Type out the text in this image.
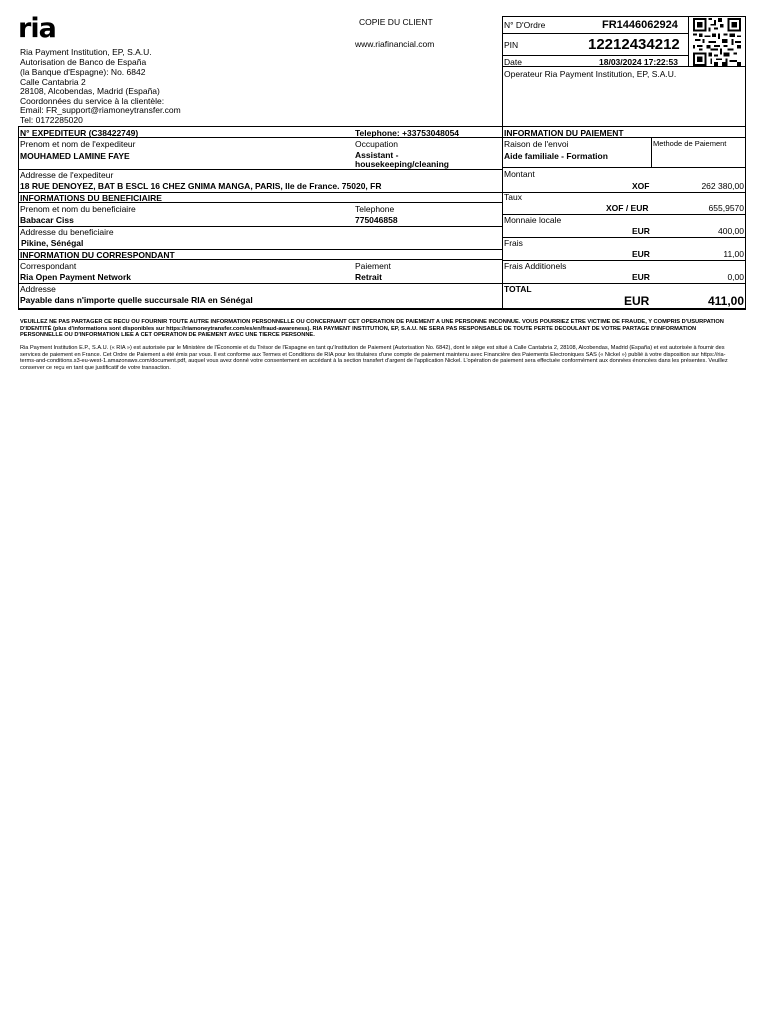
ria	COPIE DU CLIENT
www.riafinancial.com
Ria Payment Institution, EP, S.A.U.
Autorisation de Banco de España
(la Banque d'Espagne): No. 6842
Calle Cantabria 2
28108, Alcobendas, Madrid (España)
Coordonnées du service à la clientèle:
Email: FR_support@riamoneytransfer.com
Tel: 0172285020
N° D'Ordre	FR1446062924
PIN	12212434212
Date	18/03/2024 17:22:53
Operateur Ria Payment Institution, EP, S.A.U.
N° EXPEDITEUR (C38422749)	Telephone: +33753048054
Prenom et nom de l'expediteur
MOUHAMED LAMINE FAYE
Occupation
Assistant -
housekeeping/cleaning
Addresse de l'expediteur
18 RUE DENOYEZ, BAT B ESCL 16 CHEZ GNIMA MANGA, PARIS, Ile de France. 75020, FR
INFORMATIONS DU BENEFICIAIRE
Prenom et nom du beneficiaire
Babacar Ciss
Telephone
775046858
Addresse du beneficiaire
Pikine, Sénégal
INFORMATION DU CORRESPONDANT
Correspondant
Ria Open Payment Network
Paiement
Retrait
Addresse
Payable dans n'importe quelle succursale RIA en Sénégal
INFORMATION DU PAIEMENT
Raison de l'envoi
Aide familiale - Formation
Methode de Paiement
Montant
XOF	262 380,00
Taux
XOF / EUR	655,9570
Monnaie locale
EUR	400,00
Frais
EUR	11,00
Frais Additionels
EUR	0,00
TOTAL
EUR	411,00
VEUILLEZ NE PAS PARTAGER CE RECU OU FOURNIR TOUTE AUTRE INFORMATION PERSONNELLE OU CONCERNANT CET OPERATION DE PAIEMENT A UNE PERSONNE INCONNUE. VOUS POURRIEZ ETRE VICTIME DE FRAUDE, Y COMPRIS D'USURPATION D'IDENTITÉ (plus d'informations sont disponibles sur https://riamoneytransfer.com/es/en/fraud-awareness). RIA PAYMENT INSTITUTION, EP, S.A.U. NE SERA PAS RESPONSABLE DE TOUTE PERTE DECOULANT DE VOTRE PARTAGE D'INFORMATION PERSONNELLE OU D'INFORMATION LIEE A CET OPERATION DE PAIEMENT AVEC UNE TIERCE PERSONNE.
Ria Payment Institution E.P., S.A.U. (« RIA ») est autorisée par le Ministère de l'Économie et du Trésor de l'Espagne en tant qu'Institution de Paiement (Autorisation No. 6842), dont le siège est situé à Calle Cantabria 2, 28108, Alcobendas, Madrid (España) et est autorisée à fournir des services de paiement en France. Cet Ordre de Paiement a été émis par vous. Il est conforme aux Termes et Conditions de RIA pour les titulaires d'une compte de paiement maintenu avec Financière des Paiements Electroniques SAS (« Nickel ») publié à votre disposition sur https://ria-terms-and-conditions.s3-eu-west-1.amazonaws.com/document.pdf, auquel vous avez donné votre consentement en accédant à la section transfert d'argent de l'application Nickel. L'opération de paiement sera effectuée conformément aux données énoncées dans les présentes. Veuillez conserver ce reçu en tant que justificatif de votre transaction.
